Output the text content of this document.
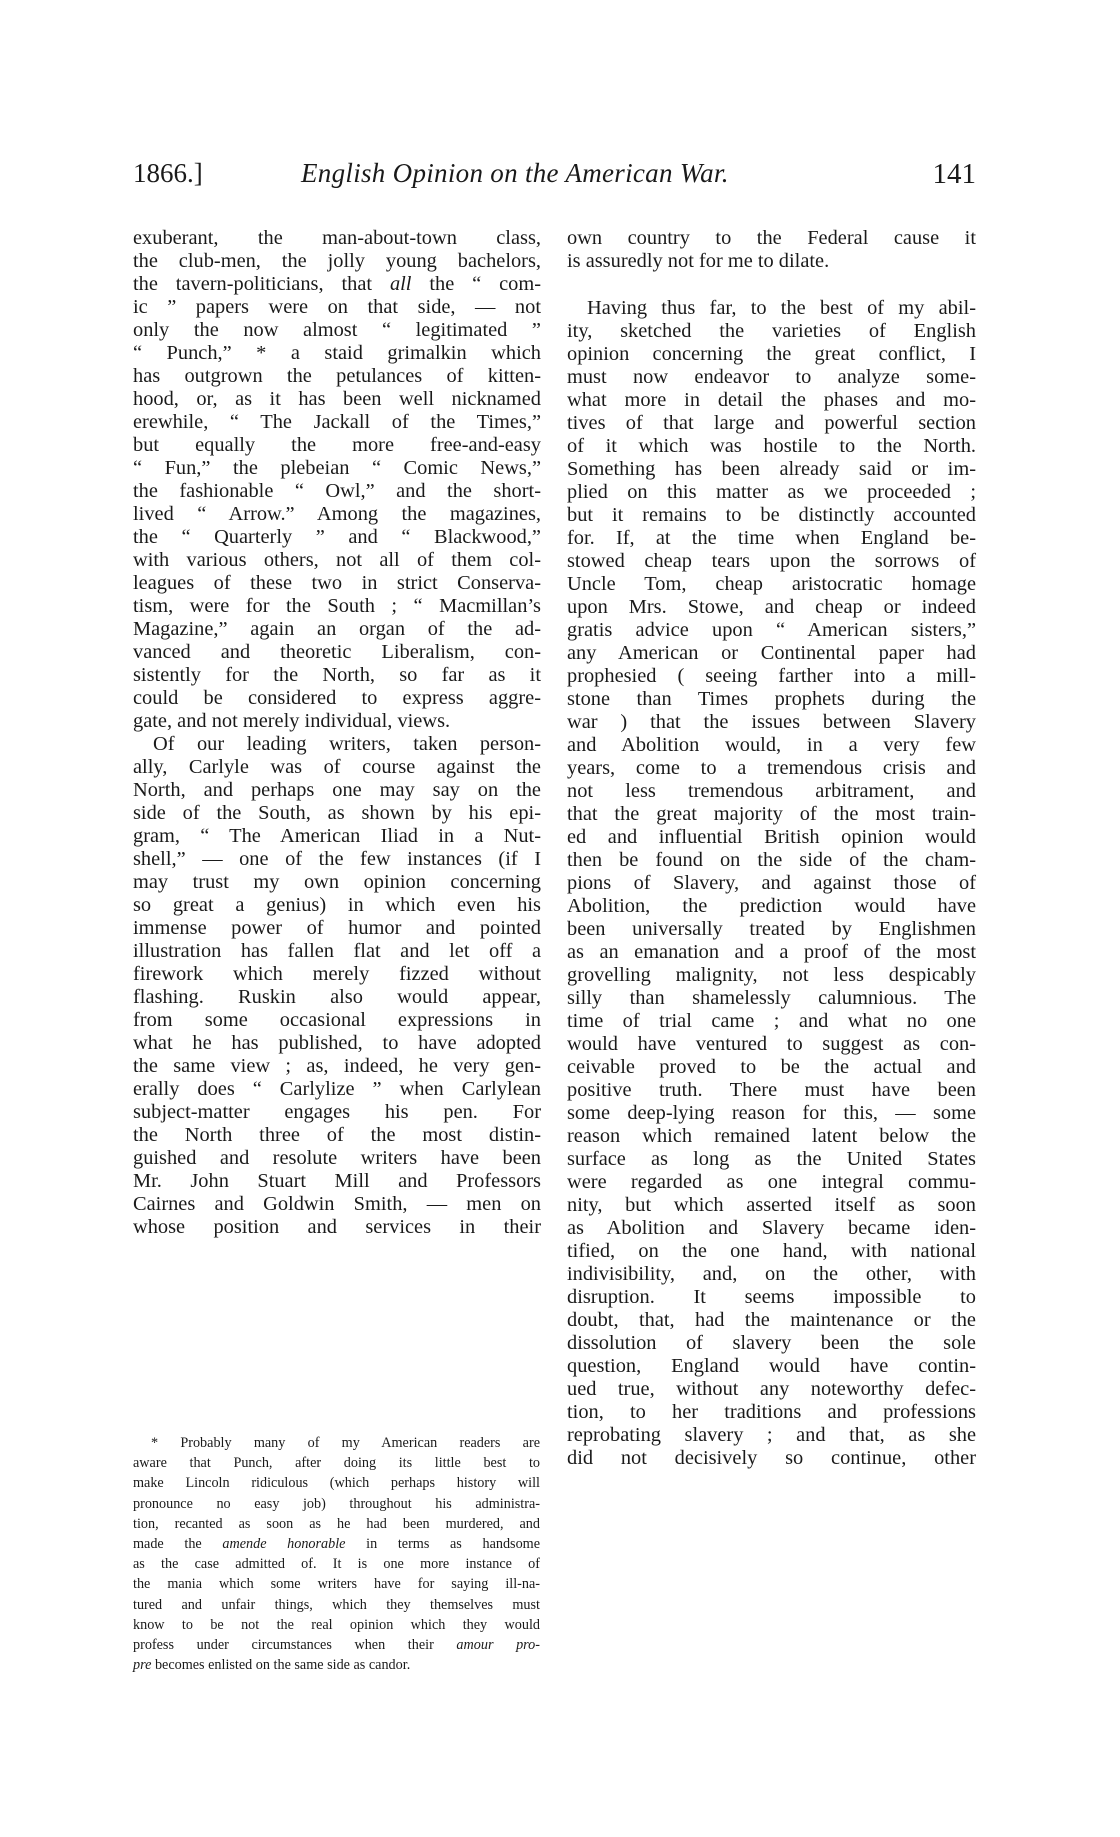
1866.]	English Opinion on the American War.	141
exuberant, the man-about-town class,
the club-men, the jolly young bachelors,
the tavern-politicians, that all the “ com-
ic ” papers were on that side, — not
only the now almost “ legitimated ”
“ Punch,” * a staid grimalkin which
has outgrown the petulances of kitten-
hood, or, as it has been well nicknamed
erewhile, “ The Jackall of the Times,”
but equally the more free-and-easy
“ Fun,” the plebeian “ Comic News,”
the fashionable “ Owl,” and the short-
lived “ Arrow.” Among the magazines,
the “ Quarterly ” and “ Blackwood,”
with various others, not all of them col-
leagues of these two in strict Conserva-
tism, were for the South ; “ Macmillan’s
Magazine,” again an organ of the ad-
vanced and theoretic Liberalism, con-
sistently for the North, so far as it
could be considered to express aggre-
gate, and not merely individual, views.
Of our leading writers, taken person-
ally, Carlyle was of course against the
North, and perhaps one may say on the
side of the South, as shown by his epi-
gram, “ The American Iliad in a Nut-
shell,” — one of the few instances (if I
may trust my own opinion concerning
so great a genius) in which even his
immense power of humor and pointed
illustration has fallen flat and let off a
firework which merely fizzed without
flashing. Ruskin also would appear,
from some occasional expressions in
what he has published, to have adopted
the same view ; as, indeed, he very gen-
erally does “ Carlylize ” when Carlylean
subject-matter engages his pen. For
the North three of the most distin-
guished and resolute writers have been
Mr. John Stuart Mill and Professors
Cairnes and Goldwin Smith, — men on
whose position and services in their
* Probably many of my American readers are
aware that Punch, after doing its little best to
make Lincoln ridiculous (which perhaps history will
pronounce no easy job) throughout his administra-
tion, recanted as soon as he had been murdered, and
made the amende honorable in terms as handsome
as the case admitted of. It is one more instance of
the mania which some writers have for saying ill-na-
tured and unfair things, which they themselves must
know to be not the real opinion which they would
profess under circumstances when their amour pro-
pre becomes enlisted on the same side as candor.
own country to the Federal cause it
is assuredly not for me to dilate.
Having thus far, to the best of my abil-
ity, sketched the varieties of English
opinion concerning the great conflict, I
must now endeavor to analyze some-
what more in detail the phases and mo-
tives of that large and powerful section
of it which was hostile to the North.
Something has been already said or im-
plied on this matter as we proceeded ;
but it remains to be distinctly accounted
for. If, at the time when England be-
stowed cheap tears upon the sorrows of
Uncle Tom, cheap aristocratic homage
upon Mrs. Stowe, and cheap or indeed
gratis advice upon “ American sisters,”
any American or Continental paper had
prophesied ( seeing farther into a mill-
stone than Times prophets during the
war ) that the issues between Slavery
and Abolition would, in a very few
years, come to a tremendous crisis and
not less tremendous arbitrament, and
that the great majority of the most train-
ed and influential British opinion would
then be found on the side of the cham-
pions of Slavery, and against those of
Abolition, the prediction would have
been universally treated by Englishmen
as an emanation and a proof of the most
grovelling malignity, not less despicably
silly than shamelessly calumnious. The
time of trial came ; and what no one
would have ventured to suggest as con-
ceivable proved to be the actual and
positive truth. There must have been
some deep-lying reason for this, — some
reason which remained latent below the
surface as long as the United States
were regarded as one integral commu-
nity, but which asserted itself as soon
as Abolition and Slavery became iden-
tified, on the one hand, with national
indivisibility, and, on the other, with
disruption. It seems impossible to
doubt, that, had the maintenance or the
dissolution of slavery been the sole
question, England would have contin-
ued true, without any noteworthy defec-
tion, to her traditions and professions
reprobating slavery ; and that, as she
did not decisively so continue, other
